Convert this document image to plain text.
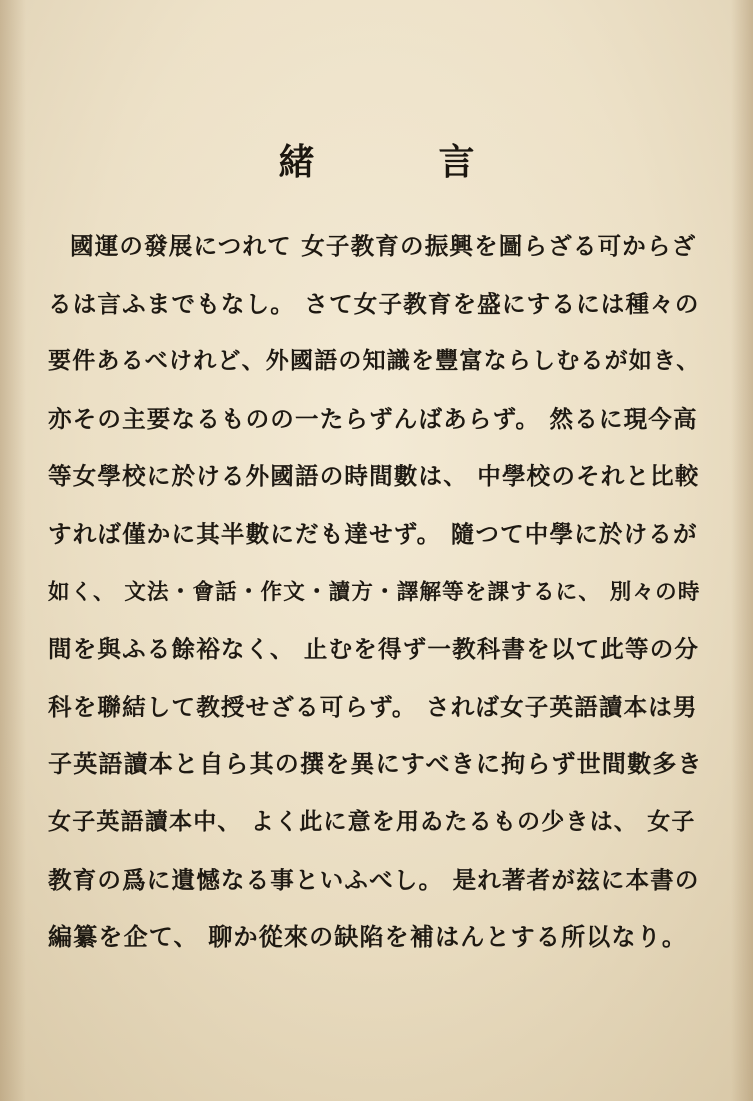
緒　言
國運の發展につれて 女子教育の振興を圖らざる可からざ
るは言ふまでもなし。 さて女子教育を盛にするには種々の
要件あるべけれど、外國語の知識を豐富ならしむるが如き、
亦その主要なるものの一たらずんばあらず。 然るに現今高
等女學校に於ける外國語の時間數は、 中學校のそれと比較
すれば僅かに其半數にだも達せず。 隨つて中學に於けるが
如く、 文法・會話・作文・讀方・譯解等を課するに、 別々の時
間を與ふる餘裕なく、 止むを得ず一教科書を以て此等の分
科を聯結して教授せざる可らず。 されば女子英語讀本は男
子英語讀本と自ら其の撰を異にすべきに拘らず世間數多き
女子英語讀本中、 よく此に意を用ゐたるもの少きは、 女子
教育の爲に遺憾なる事といふべし。 是れ著者が玆に本書の
編纂を企て、 聊か從來の缺陷を補はんとする所以なり。
